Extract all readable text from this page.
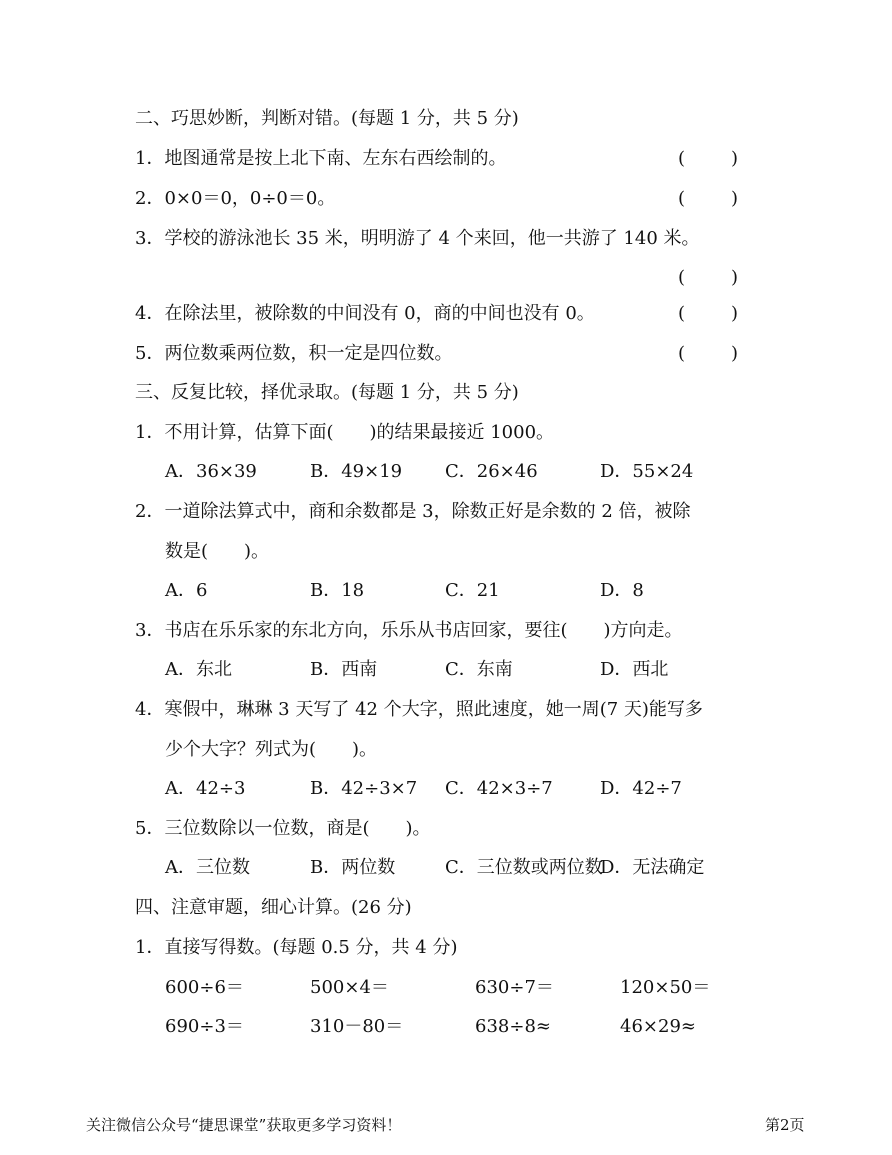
二、巧思妙断，判断对错。(每题 1 分，共 5 分)
1．地图通常是按上北下南、左东右西绘制的。	(	)
2．0×0＝0，0÷0＝0。	(	)
3．学校的游泳池长 35 米，明明游了 4 个来回，他一共游了 140 米。
(	)
4．在除法里，被除数的中间没有 0，商的中间也没有 0。	(	)
5．两位数乘两位数，积一定是四位数。	(	)
三、反复比较，择优录取。(每题 1 分，共 5 分)
1．不用计算，估算下面(　　)的结果最接近 1000。
A．36×39	B．49×19 C．26×46	D．55×24
2．一道除法算式中，商和余数都是 3，除数正好是余数的 2 倍，被除
数是(　　)。
A．6	B．18	C．21	D．8
3．书店在乐乐家的东北方向，乐乐从书店回家，要往(　　)方向走。
A．东北	B．西南	C．东南	D．西北
4．寒假中，琳琳 3 天写了 42 个大字，照此速度，她一周(7 天)能写多
少个大字？列式为(　　)。
A．42÷3	B．42÷3×7 C．42×3÷7	D．42÷7
5．三位数除以一位数，商是(　　)。
A．三位数	B．两位数	C．三位数或两位数
D．无法确定
四、注意审题，细心计算。(26 分)
1．直接写得数。(每题 0.5 分，共 4 分)
600÷6＝	500×4＝	630÷7＝	120×50＝
690÷3＝	310－80＝	638÷8≈	46×29≈
关注微信公众号“捷思课堂”获取更多学习资料！	第2页
